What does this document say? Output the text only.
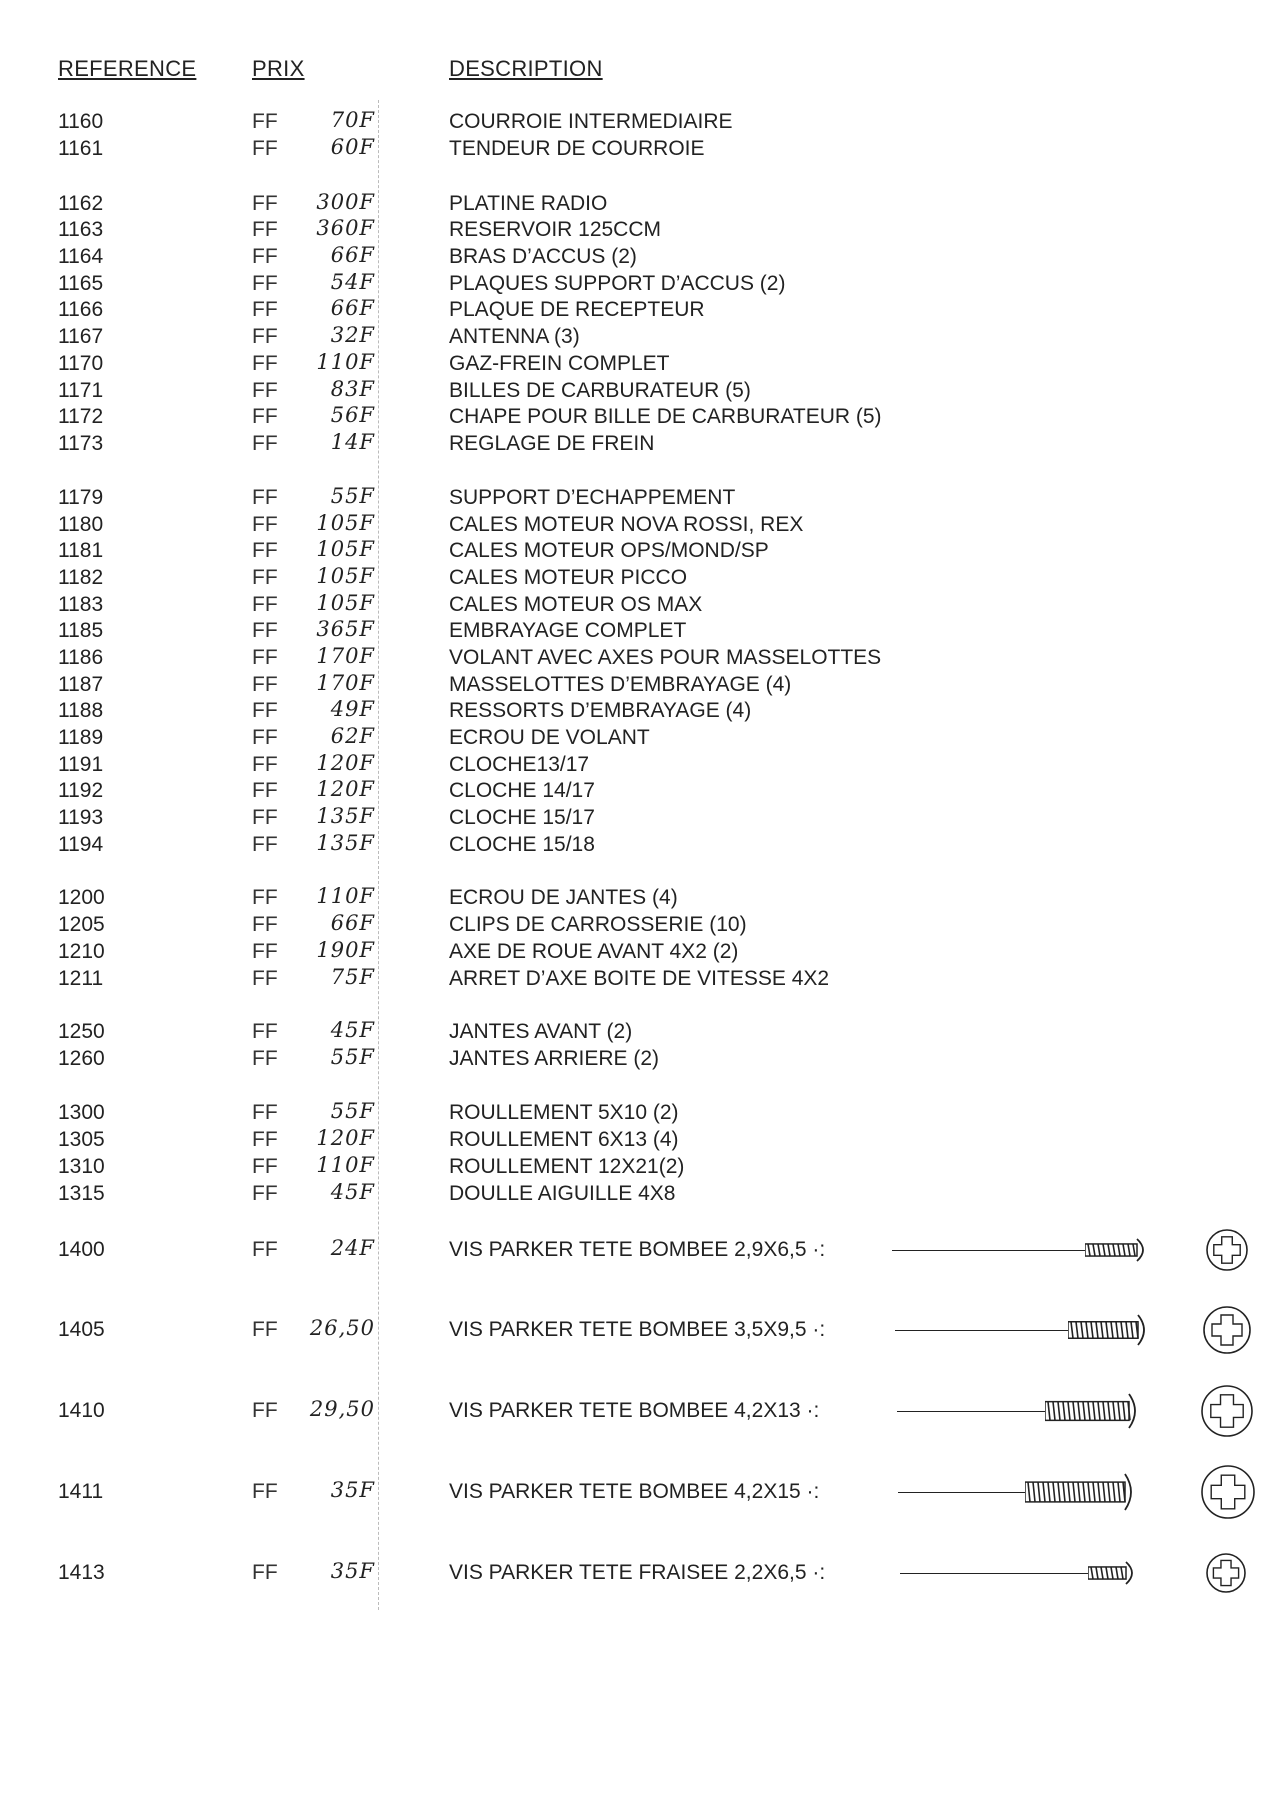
REFERENCE	PRIX	DESCRIPTION
1160	FF	70F	COURROIE INTERMEDIAIRE
1161	FF	60F	TENDEUR DE COURROIE
1162	FF	300F	PLATINE RADIO
1163	FF	360F	RESERVOIR 125CCM
1164	FF	66F	BRAS D’ACCUS (2)
1165	FF	54F	PLAQUES SUPPORT D’ACCUS (2)
1166	FF	66F	PLAQUE DE RECEPTEUR
1167	FF	32F	ANTENNA (3)
1170	FF	110F	GAZ-FREIN COMPLET
1171	FF	83F	BILLES DE CARBURATEUR (5)
1172	FF	56F	CHAPE POUR BILLE DE CARBURATEUR (5)
1173	FF	14F	REGLAGE DE FREIN
1179	FF	55F	SUPPORT D’ECHAPPEMENT
1180	FF	105F	CALES MOTEUR NOVA ROSSI, REX
1181	FF	105F	CALES MOTEUR OPS/MOND/SP
1182	FF	105F	CALES MOTEUR PICCO
1183	FF	105F	CALES MOTEUR OS MAX
1185	FF	365F	EMBRAYAGE COMPLET
1186	FF	170F	VOLANT AVEC AXES POUR MASSELOTTES
1187	FF	170F	MASSELOTTES D’EMBRAYAGE (4)
1188	FF	49F	RESSORTS D’EMBRAYAGE (4)
1189	FF	62F	ECROU DE VOLANT
1191	FF	120F	CLOCHE13/17
1192	FF	120F	CLOCHE 14/17
1193	FF	135F	CLOCHE 15/17
1194	FF	135F	CLOCHE 15/18
1200	FF	110F	ECROU DE JANTES (4)
1205	FF	66F	CLIPS DE CARROSSERIE (10)
1210	FF	190F	AXE DE ROUE AVANT 4X2 (2)
1211	FF	75F	ARRET D’AXE BOITE DE VITESSE 4X2
1250	FF	45F	JANTES AVANT (2)
1260	FF	55F	JANTES ARRIERE (2)
1300	FF	55F	ROULLEMENT 5X10 (2)
1305	FF	120F	ROULLEMENT 6X13 (4)
1310	FF	110F	ROULLEMENT 12X21(2)
1315	FF	45F	DOULLE AIGUILLE 4X8
1400	FF	24F	VIS PARKER TETE BOMBEE 2,9X6,5 ·:
1405	FF	26,50	VIS PARKER TETE BOMBEE 3,5X9,5 ·:
1410	FF	29,50	VIS PARKER TETE BOMBEE 4,2X13 ·:
1411	FF	35F	VIS PARKER TETE BOMBEE 4,2X15 ·:
1413	FF	35F	VIS PARKER TETE FRAISEE 2,2X6,5 ·:
